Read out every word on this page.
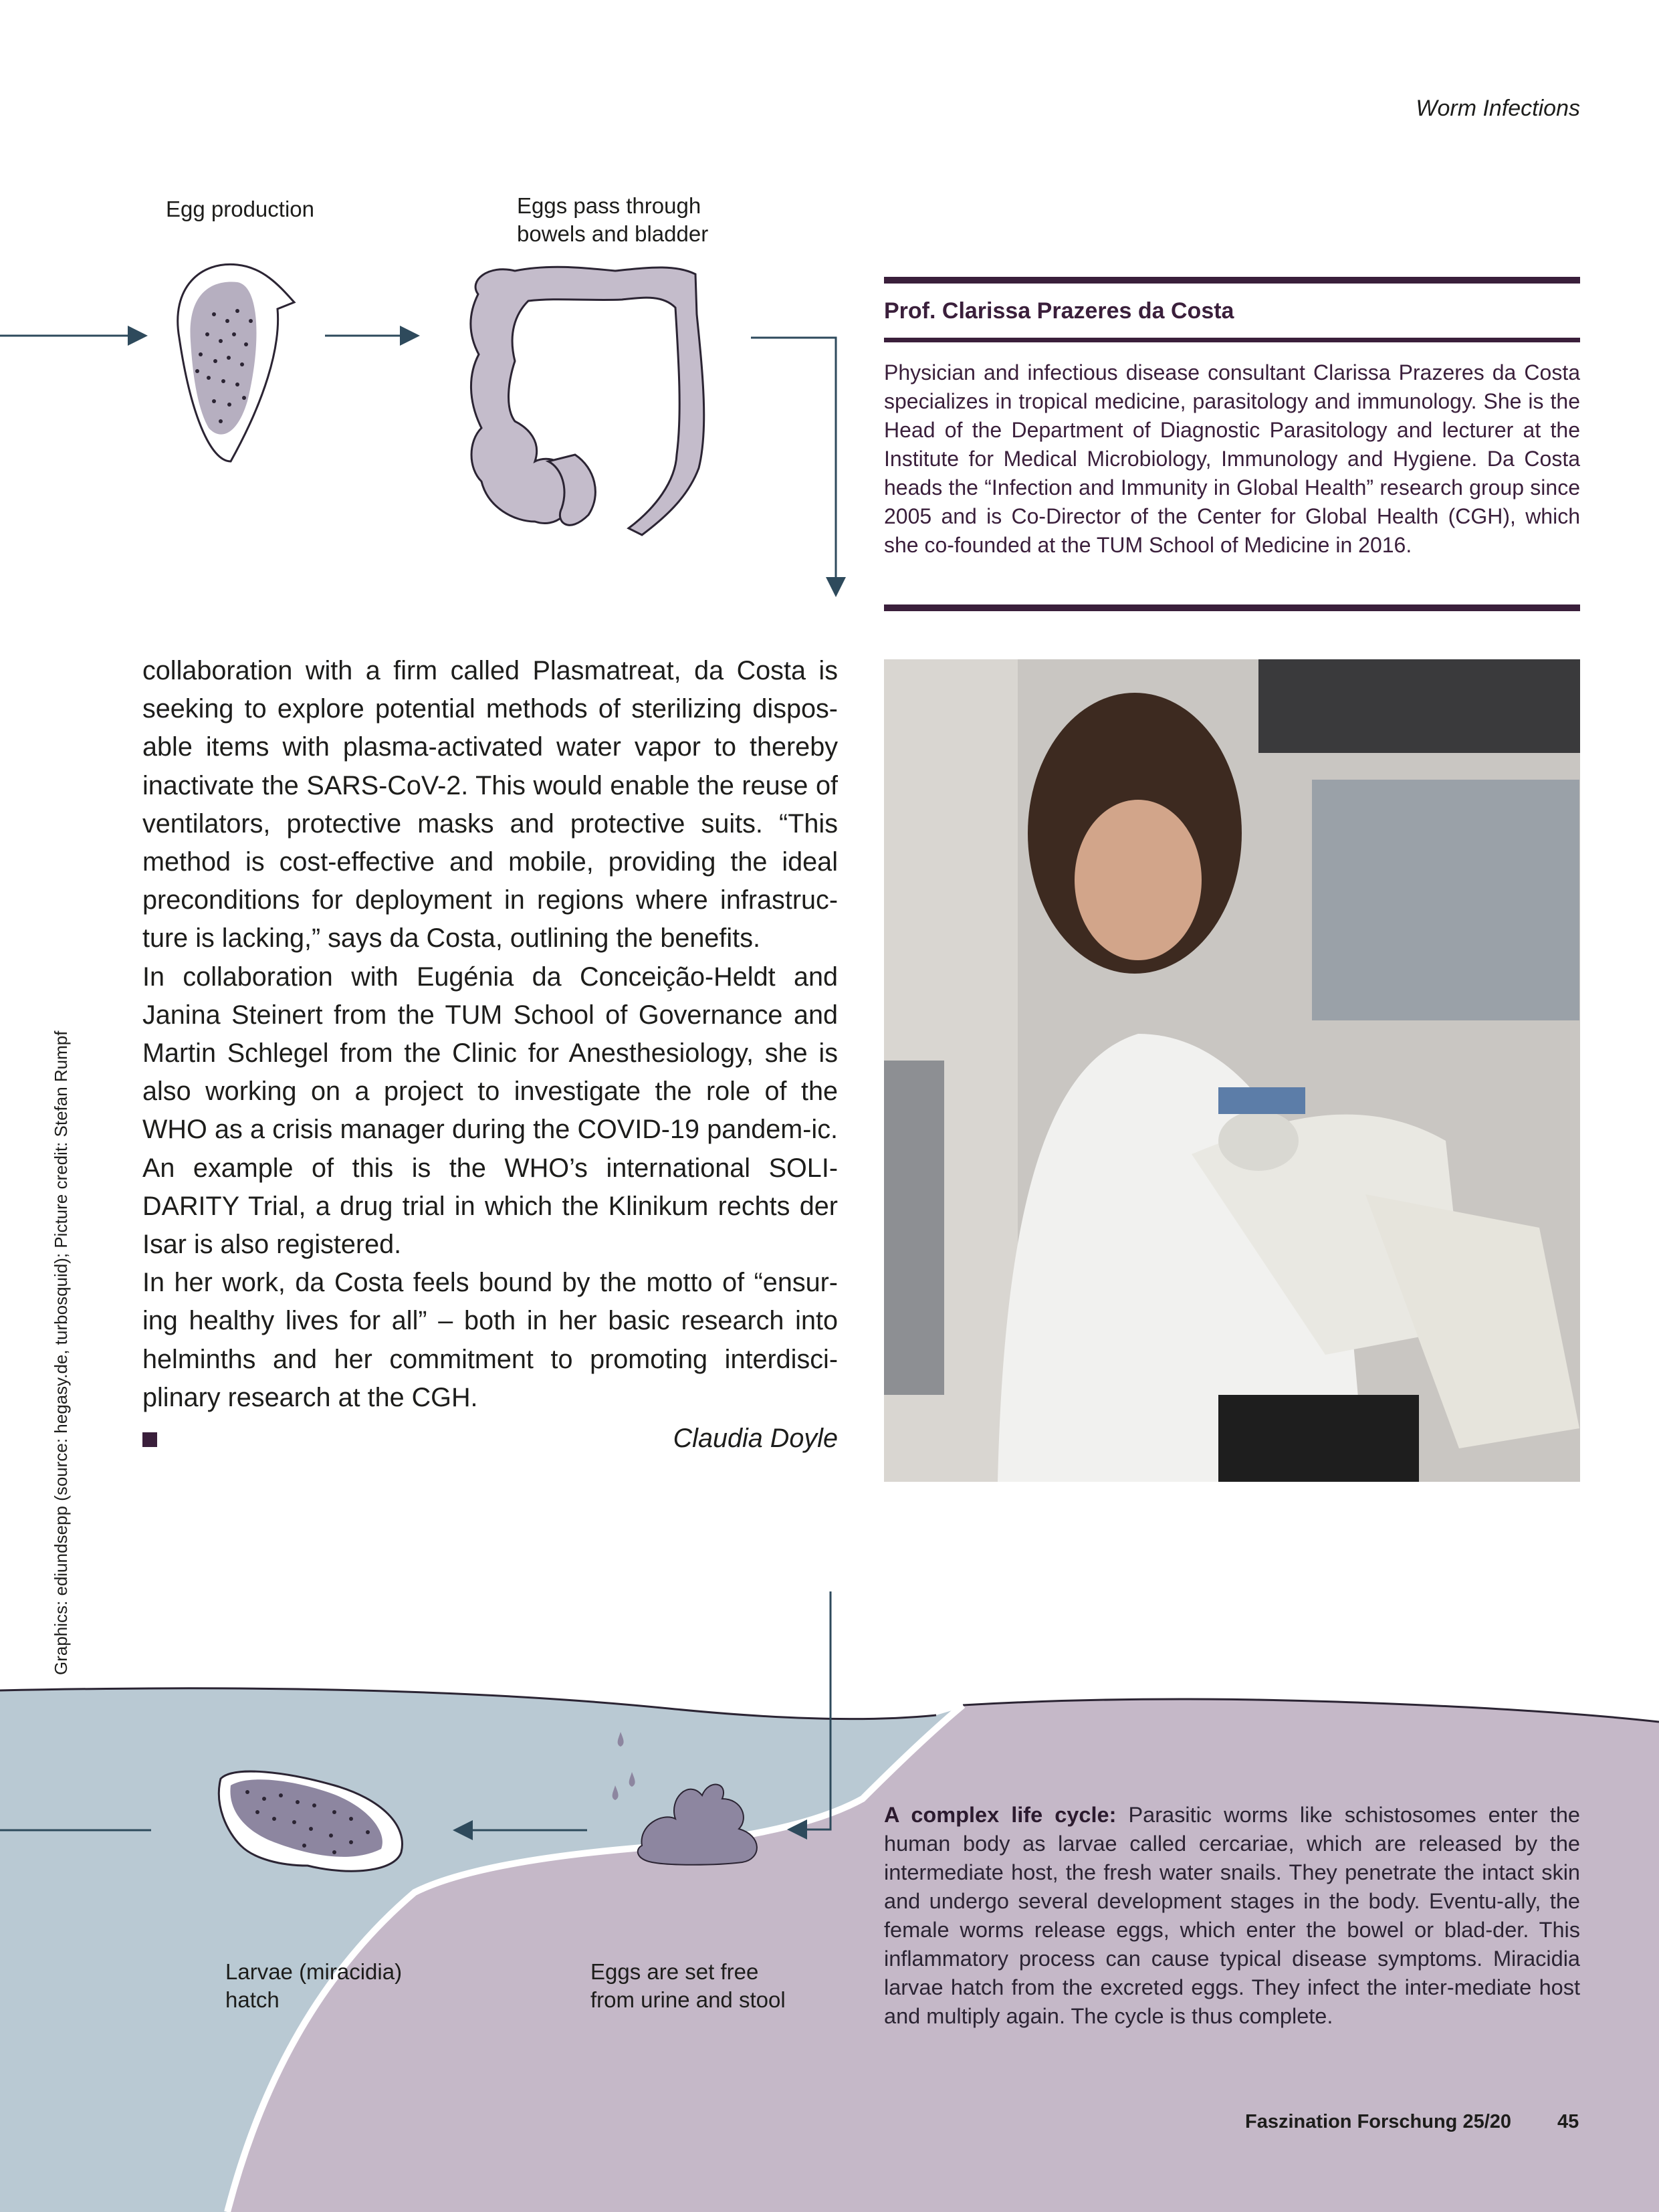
Worm Infections
Egg production	Eggs pass through
bowels and bladder
Larvae (miracidia)
hatch
Eggs are set free
from urine and stool
Prof. Clarissa Prazeres da Costa
Physician and infectious disease consultant Clarissa Prazeres da Costa specializes in tropical medicine, parasitology and immunology. She is the Head of the Department of Diagnostic Parasitology and lecturer at the Institute for Medical Microbiology, Immunology and Hygiene. Da Costa heads the “Infection and Immunity in Global Health” research group since 2005 and is Co-Director of the Center for Global Health (CGH), which she co-founded at the TUM School of Medicine in 2016.

collaboration with a firm called Plasmatreat, da Costa is seeking to explore potential methods of sterilizing dispos-able items with plasma-activated water vapor to thereby inactivate the SARS-CoV-2. This would enable the reuse of ventilators, protective masks and protective suits. “This method is cost-effective and mobile, providing the ideal preconditions for deployment in regions where infrastruc-ture is lacking,” says da Costa, outlining the benefits.

In collaboration with Eugénia da Conceição-Heldt and Janina Steinert from the TUM School of Governance and Martin Schlegel from the Clinic for Anesthesiology, she is also working on a project to investigate the role of the WHO as a crisis manager during the COVID-19 pandem-ic. An example of this is the WHO’s international SOLI-DARITY Trial, a drug trial in which the Klinikum rechts der Isar is also registered.

In her work, da Costa feels bound by the motto of “ensur-ing healthy lives for all” – both in her basic research into helminths and her commitment to promoting interdisci-plinary research at the CGH.

Claudia Doyle

Graphics: ediundsepp (source: hegasy.de, turbosquid); Picture credit: Stefan Rumpf
A complex life cycle: Parasitic worms like schistosomes enter the human body as larvae called cercariae, which are released by the intermediate host, the fresh water snails. They penetrate the intact skin and undergo several development stages in the body. Eventu-ally, the female worms release eggs, which enter the bowel or blad-der. This inflammatory process can cause typical disease symptoms. Miracidia larvae hatch from the excreted eggs. They infect the inter-mediate host and multiply again. The cycle is thus complete.
Faszination Forschung 25/20 45
